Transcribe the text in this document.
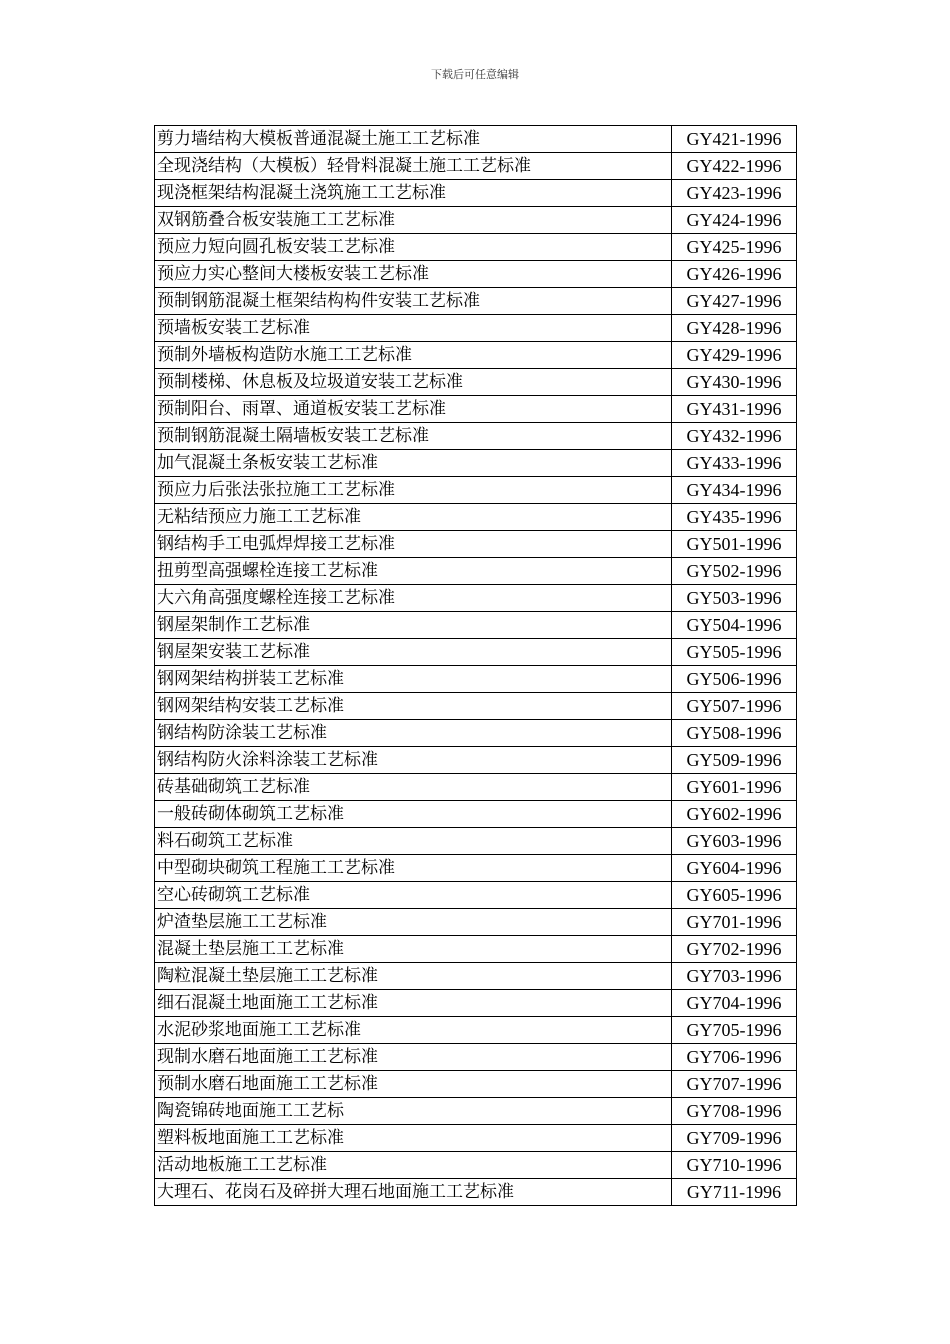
下载后可任意编辑
剪力墙结构大模板普通混凝土施工工艺标准	GY421-1996
全现浇结构（大模板）轻骨料混凝土施工工艺标准	GY422-1996
现浇框架结构混凝土浇筑施工工艺标准	GY423-1996
双钢筋叠合板安装施工工艺标准	GY424-1996
预应力短向圆孔板安装工艺标准	GY425-1996
预应力实心整间大楼板安装工艺标准	GY426-1996
预制钢筋混凝土框架结构构件安装工艺标准	GY427-1996
预墙板安装工艺标准	GY428-1996
预制外墙板构造防水施工工艺标准	GY429-1996
预制楼梯、休息板及垃圾道安装工艺标准	GY430-1996
预制阳台、雨罩、通道板安装工艺标准	GY431-1996
预制钢筋混凝土隔墙板安装工艺标准	GY432-1996
加气混凝土条板安装工艺标准	GY433-1996
预应力后张法张拉施工工艺标准	GY434-1996
无粘结预应力施工工艺标准	GY435-1996
钢结构手工电弧焊焊接工艺标准	GY501-1996
扭剪型高强螺栓连接工艺标准	GY502-1996
大六角高强度螺栓连接工艺标准	GY503-1996
钢屋架制作工艺标准	GY504-1996
钢屋架安装工艺标准	GY505-1996
钢网架结构拼装工艺标准	GY506-1996
钢网架结构安装工艺标准	GY507-1996
钢结构防涂装工艺标准	GY508-1996
钢结构防火涂料涂装工艺标准	GY509-1996
砖基础砌筑工艺标准	GY601-1996
一般砖砌体砌筑工艺标准	GY602-1996
料石砌筑工艺标准	GY603-1996
中型砌块砌筑工程施工工艺标准	GY604-1996
空心砖砌筑工艺标准	GY605-1996
炉渣垫层施工工艺标准	GY701-1996
混凝土垫层施工工艺标准	GY702-1996
陶粒混凝土垫层施工工艺标准	GY703-1996
细石混凝土地面施工工艺标准	GY704-1996
水泥砂浆地面施工工艺标准	GY705-1996
现制水磨石地面施工工艺标准	GY706-1996
预制水磨石地面施工工艺标准	GY707-1996
陶瓷锦砖地面施工工艺标	GY708-1996
塑料板地面施工工艺标准	GY709-1996
活动地板施工工艺标准	GY710-1996
大理石、花岗石及碎拼大理石地面施工工艺标准	GY711-1996
